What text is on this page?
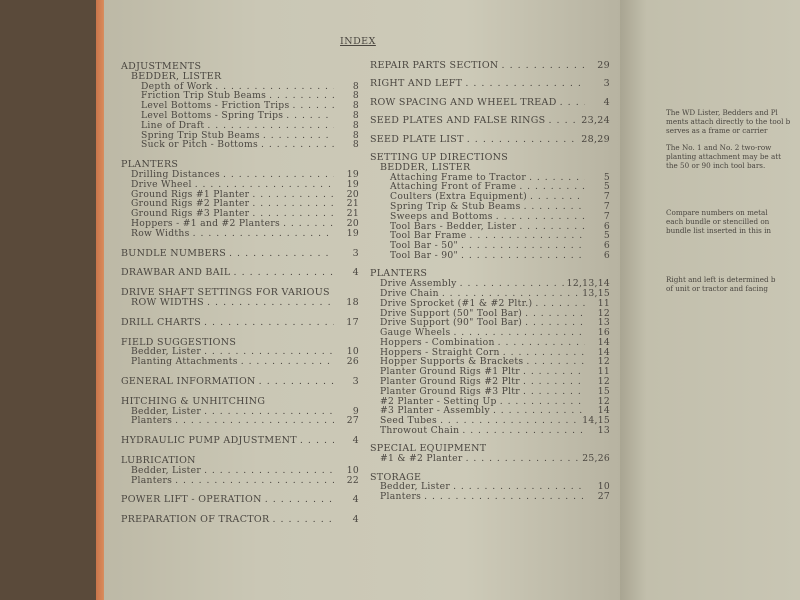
INDEX
ADJUSTMENTS
BEDDER, LISTER
Depth of Work . . .	8
Friction Trip Stub Beams . . .	8
Level Bottoms - Friction Trips . . .	8
Level Bottoms - Spring Trips . . .	8
Line of Draft . . .	8
Spring Trip Stub Beams . . .	8
Suck or Pitch - Bottoms . . .	8
PLANTERS
Drilling Distances . . .	19
Drive Wheel . . .	19
Ground Rigs #1 Planter . . .	20
Ground Rigs #2 Planter . . .	21
Ground Rigs #3 Planter . . .	21
Hoppers - #1 and #2 Planters . . .	20
Row Widths . . .	19
BUNDLE NUMBERS . . .	3
DRAWBAR AND BAIL . . .	4
DRIVE SHAFT SETTINGS FOR VARIOUS
ROW WIDTHS . . .	18
DRILL CHARTS . . .	17
FIELD SUGGESTIONS
Bedder, Lister . . .	10
Planting Attachments . . .	26
GENERAL INFORMATION . . .	3
HITCHING & UNHITCHING
Bedder, Lister . . .	9
Planters . . .	27
HYDRAULIC PUMP ADJUSTMENT . . .	4
LUBRICATION
Bedder, Lister . . .	10
Planters . . .	22
POWER LIFT - OPERATION . . .	4
PREPARATION OF TRACTOR . . .	4
REPAIR PARTS SECTION . . .	29
RIGHT AND LEFT . . .	3
ROW SPACING AND WHEEL TREAD . . .	4
SEED PLATES AND FALSE RINGS . . .	23,24
SEED PLATE LIST . . .	28,29
SETTING UP DIRECTIONS
BEDDER, LISTER
Attaching Frame to Tractor . . .	5
Attaching Front of Frame . . .	5
Coulters (Extra Equipment) . . .	7
Spring Trip & Stub Beams . . .	7
Sweeps and Bottoms . . .	7
Tool Bars - Bedder, Lister . . .	6
Tool Bar Frame . . .	5
Tool Bar - 50" . . .	6
Tool Bar - 90" . . .	6
PLANTERS
Drive Assembly . . .	12,13,14
Drive Chain . . .	13,15
Drive Sprocket (#1 & #2 Pltr.) . . .	11
Drive Support (50" Tool Bar) . . .	12
Drive Support (90" Tool Bar) . . .	13
Gauge Wheels . . .	16
Hoppers - Combination . . .	14
Hoppers - Straight Corn . . .	14
Hopper Supports & Brackets . . .	12
Planter Ground Rigs #1 Pltr . . .	11
Planter Ground Rigs #2 Pltr . . .	12
Planter Ground Rigs #3 Pltr . . .	15
#2 Planter - Setting Up . . .	12
#3 Planter - Assembly . . .	14
Seed Tubes . . .	14,15
Throwout Chain . . .	13
SPECIAL EQUIPMENT
#1 & #2 Planter . . .	25,26
STORAGE
Bedder, Lister . . .	10
Planters . . .	27
The WD Lister, Bedders and Pl
ments attach directly to the tool b
serves as a frame or carrier
The No. 1 and No. 2 two-row
planting attachment may be att
the 50 or 90 inch tool bars.
Compare numbers on metal
each bundle or stencilled on
bundle list inserted in this in
Right and left is determined b
of unit or tractor and facing
